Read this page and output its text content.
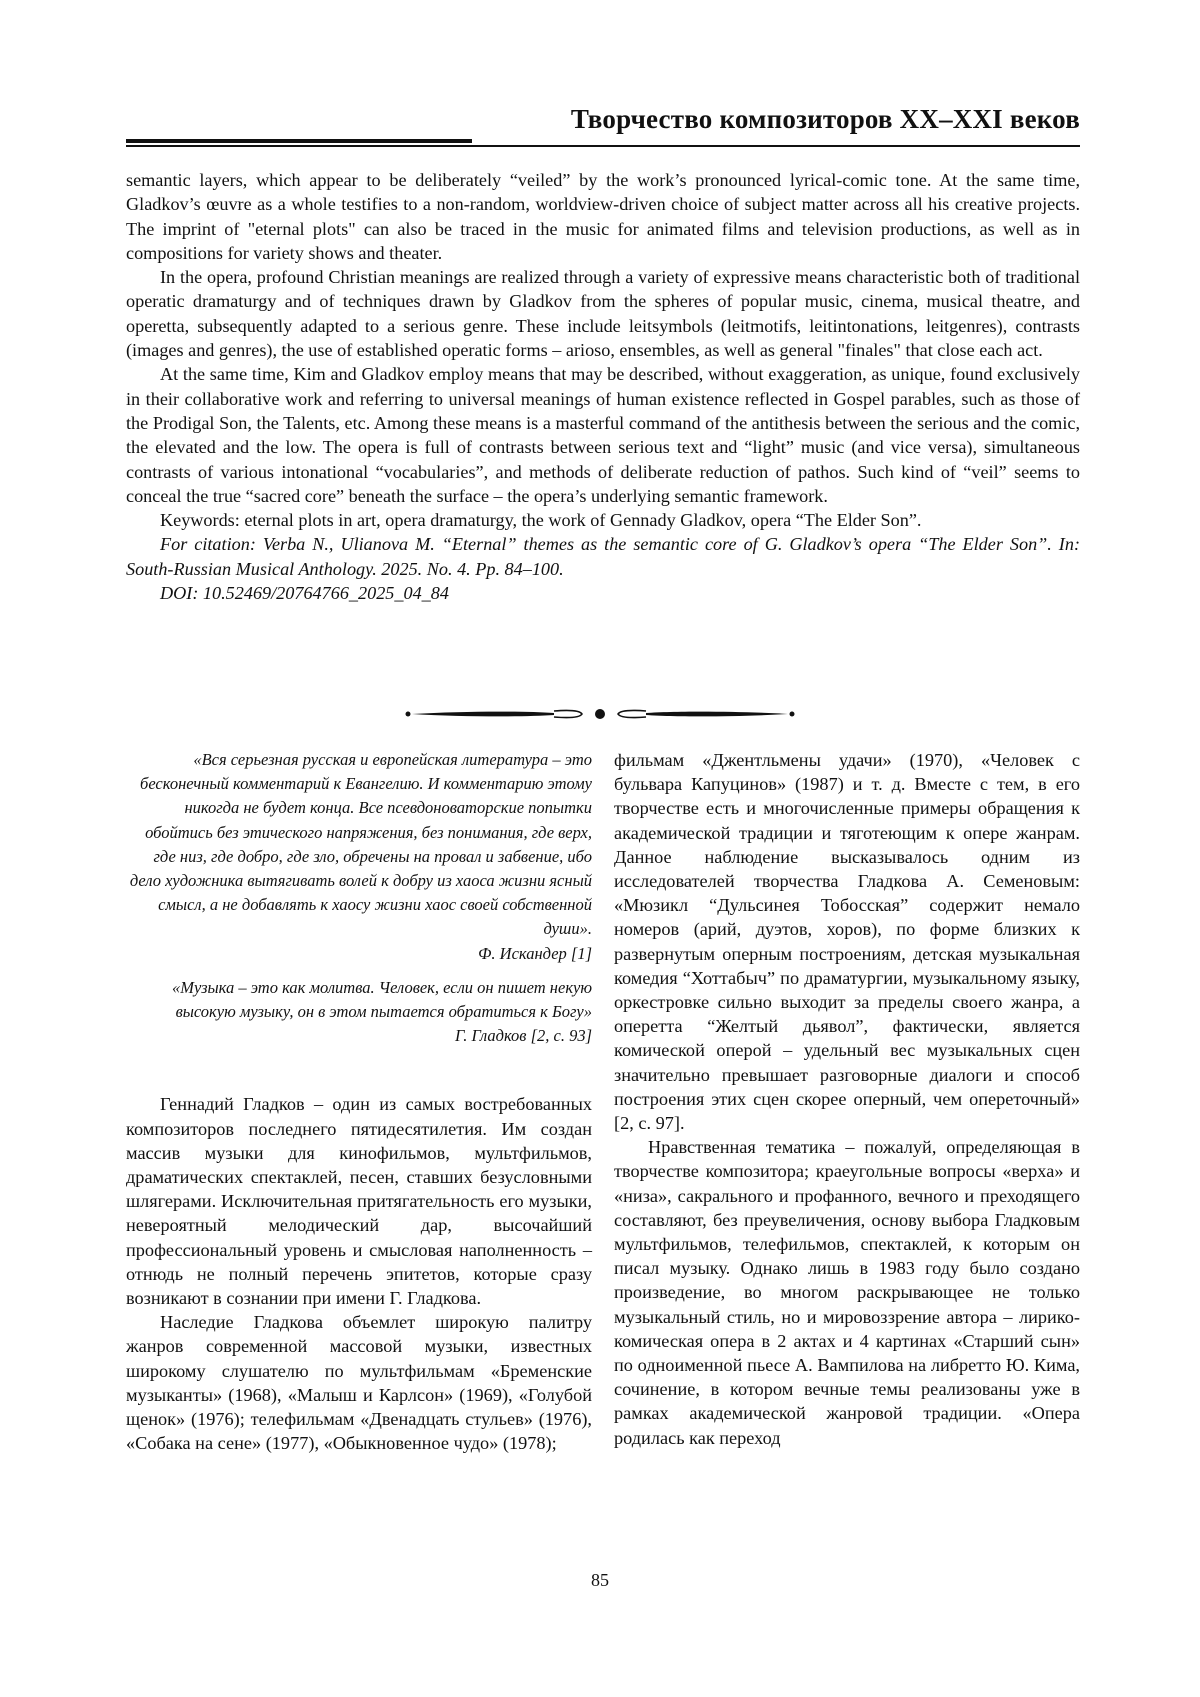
Творчество композиторов XX–XXI веков

semantic layers, which appear to be deliberately “veiled” by the work’s pronounced lyrical-comic tone. At the same time, Gladkov’s œuvre as a whole testifies to a non-random, worldview-driven choice of subject matter across all his creative projects. The imprint of "eternal plots" can also be traced in the music for animated films and television productions, as well as in compositions for variety shows and theater.

In the opera, profound Christian meanings are realized through a variety of expressive means characteristic both of traditional operatic dramaturgy and of techniques drawn by Gladkov from the spheres of popular music, cinema, musical theatre, and operetta, subsequently adapted to a serious genre. These include leitsymbols (leitmotifs, leitintonations, leitgenres), contrasts (images and genres), the use of established operatic forms – arioso, ensembles, as well as general "finales" that close each act.

At the same time, Kim and Gladkov employ means that may be described, without exaggeration, as unique, found exclusively in their collaborative work and referring to universal meanings of human existence reflected in Gospel parables, such as those of the Prodigal Son, the Talents, etc. Among these means is a masterful command of the antithesis between the serious and the comic, the elevated and the low. The opera is full of contrasts between serious text and “light” music (and vice versa), simultaneous contrasts of various intonational “vocabularies”, and methods of deliberate reduction of pathos. Such kind of “veil” seems to conceal the true “sacred core” beneath the surface – the opera’s underlying semantic framework.

Keywords: eternal plots in art, opera dramaturgy, the work of Gennady Gladkov, opera “The Elder Son”.

For citation: Verba N., Ulianova M. “Eternal” themes as the semantic core of G. Gladkov’s opera “The Elder Son”. In: South-Russian Musical Anthology. 2025. No. 4. Pp. 84–100.

DOI: 10.52469/20764766_2025_04_84

«Вся серьезная русская и европейская литература – это бесконечный комментарий к Евангелию. И комментарию этому никогда не будет конца. Все псевдоноваторские попытки обойтись без этического напряжения, без понимания, где верх, где низ, где добро, где зло, обречены на провал и забвение, ибо дело художника вытягивать волей к добру из хаоса жизни ясный смысл, а не добавлять к хаосу жизни хаос своей собственной души».

Ф. Искандер [1]

«Музыка – это как молитва. Человек, если он пишет некую высокую музыку, он в этом пытается обратиться к Богу»

Г. Гладков [2, с. 93]

Геннадий Гладков – один из самых востребованных композиторов последнего пятидесятилетия. Им создан массив музыки для кинофильмов, мультфильмов, драматических спектаклей, песен, ставших безусловными шлягерами. Исключительная притягательность его музыки, невероятный мелодический дар, высочайший профессиональный уровень и смысловая наполненность – отнюдь не полный перечень эпитетов, которые сразу возникают в сознании при имени Г. Гладкова.

Наследие Гладкова объемлет широкую палитру жанров современной массовой музыки, известных широкому слушателю по мультфильмам «Бременские музыканты» (1968), «Малыш и Карлсон» (1969), «Голубой щенок» (1976); телефильмам «Двенадцать стульев» (1976), «Собака на сене» (1977), «Обыкновенное чудо» (1978);

фильмам «Джентльмены удачи» (1970), «Человек с бульвара Капуцинов» (1987) и т. д. Вместе с тем, в его творчестве есть и многочисленные примеры обращения к академической традиции и тяготеющим к опере жанрам. Данное наблюдение высказывалось одним из исследователей творчества Гладкова А. Семеновым: «Мюзикл “Дульсинея Тобосская” содержит немало номеров (арий, дуэтов, хоров), по форме близких к развернутым оперным построениям, детская музыкальная комедия “Хоттабыч” по драматургии, музыкальному языку, оркестровке сильно выходит за пределы своего жанра, а оперетта “Желтый дьявол”, фактически, является комической оперой – удельный вес музыкальных сцен значительно превышает разговорные диалоги и способ построения этих сцен скорее оперный, чем опереточный» [2, с. 97].

Нравственная тематика – пожалуй, определяющая в творчестве композитора; краеугольные вопросы «верха» и «низа», сакрального и профанного, вечного и преходящего составляют, без преувеличения, основу выбора Гладковым мультфильмов, телефильмов, спектаклей, к которым он писал музыку. Однако лишь в 1983 году было создано произведение, во многом раскрывающее не только музыкальный стиль, но и мировоззрение автора – лирико-комическая опера в 2 актах и 4 картинах «Старший сын» по одноименной пьесе А. Вампилова на либретто Ю. Кима, сочинение, в котором вечные темы реализованы уже в рамках академической жанровой традиции. «Опера родилась как переход

85
